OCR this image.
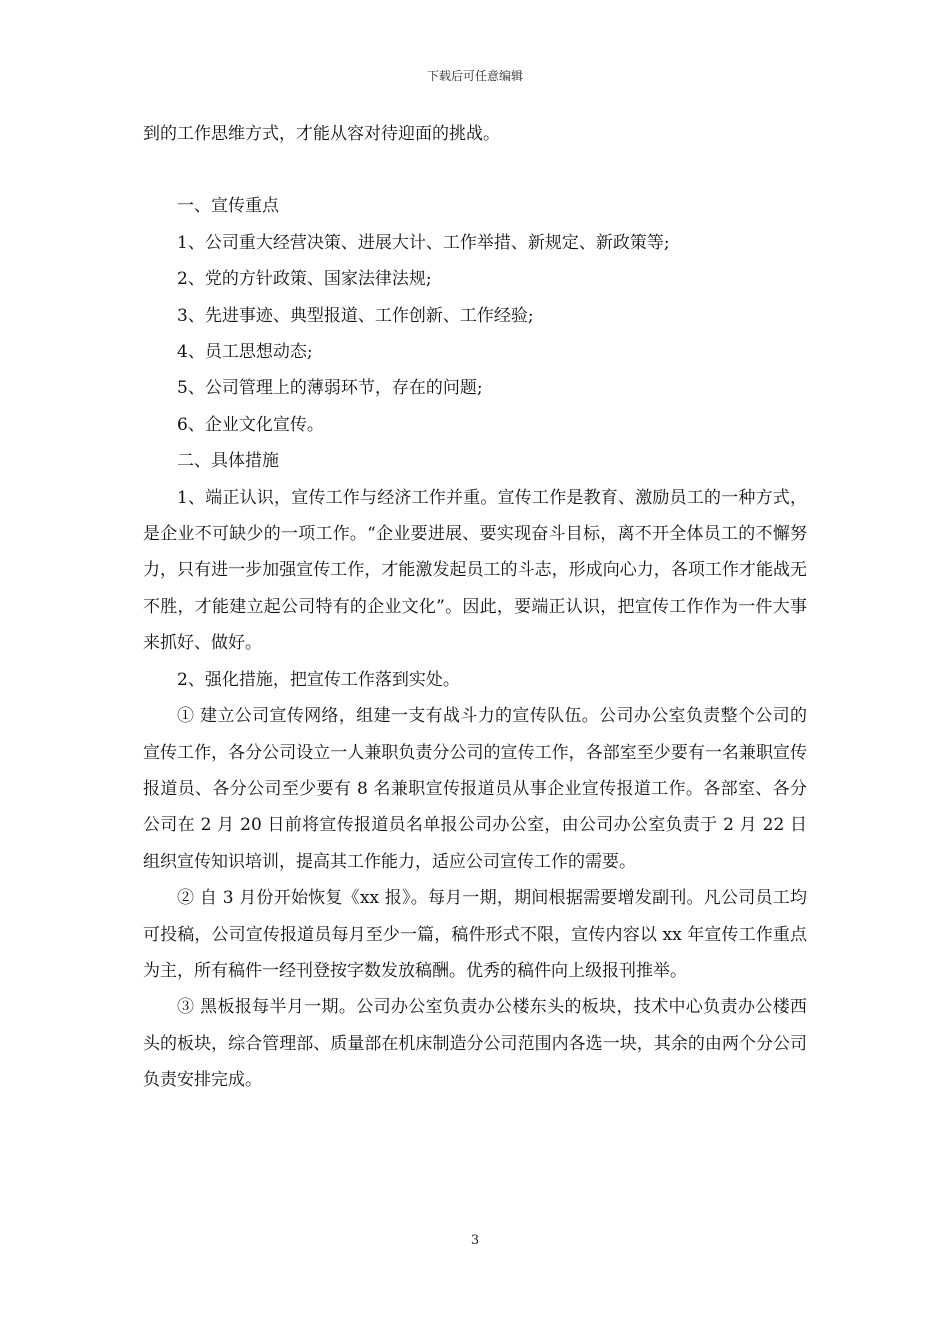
下载后可任意编辑

到的工作思维方式，才能从容对待迎面的挑战。

一、宣传重点

1、公司重大经营决策、进展大计、工作举措、新规定、新政策等;

2、党的方针政策、国家法律法规;

3、先进事迹、典型报道、工作创新、工作经验;

4、员工思想动态;

5、公司管理上的薄弱环节，存在的问题;

6、企业文化宣传。

二、具体措施

1、端正认识，宣传工作与经济工作并重。宣传工作是教育、激励员工的一种方式，是企业不可缺少的一项工作。“企业要进展、要实现奋斗目标，离不开全体员工的不懈努力，只有进一步加强宣传工作，才能激发起员工的斗志，形成向心力，各项工作才能战无不胜，才能建立起公司特有的企业文化”。因此，要端正认识，把宣传工作作为一件大事来抓好、做好。

2、强化措施，把宣传工作落到实处。

① 建立公司宣传网络，组建一支有战斗力的宣传队伍。公司办公室负责整个公司的宣传工作，各分公司设立一人兼职负责分公司的宣传工作，各部室至少要有一名兼职宣传报道员、各分公司至少要有 8 名兼职宣传报道员从事企业宣传报道工作。各部室、各分公司在 2 月 20 日前将宣传报道员名单报公司办公室，由公司办公室负责于 2 月 22 日组织宣传知识培训，提高其工作能力，适应公司宣传工作的需要。

② 自 3 月份开始恢复《xx 报》。每月一期，期间根据需要增发副刊。凡公司员工均可投稿，公司宣传报道员每月至少一篇，稿件形式不限，宣传内容以 xx 年宣传工作重点为主，所有稿件一经刊登按字数发放稿酬。优秀的稿件向上级报刊推举。

③ 黑板报每半月一期。公司办公室负责办公楼东头的板块，技术中心负责办公楼西头的板块，综合管理部、质量部在机床制造分公司范围内各选一块，其余的由两个分公司负责安排完成。

3
